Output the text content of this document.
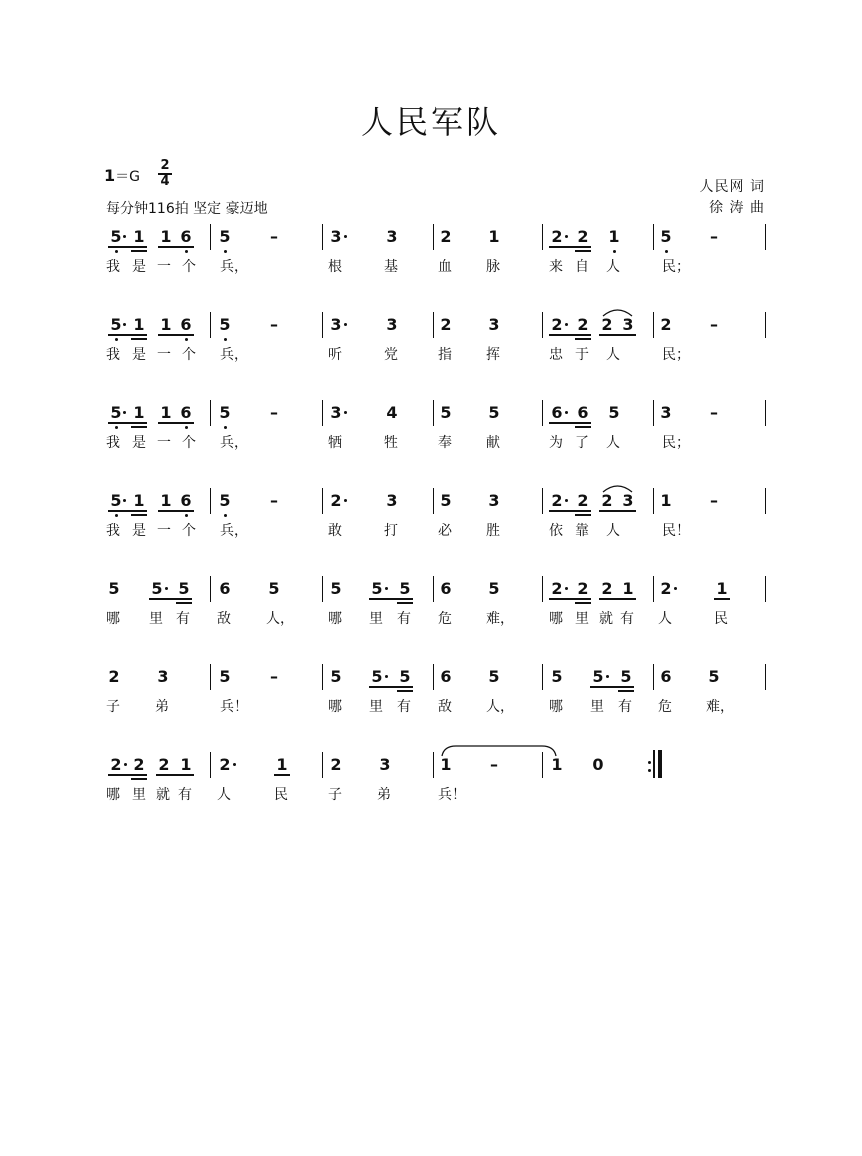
人民军队
1＝G
2
4
每分钟116拍 坚定 豪迈地
人民网 词
徐 涛 曲
5 1 1 6 5 –	3	3	2 1	2 2 1	5 –
我 是 一 个 兵，	根	基	血 脉	来 自 人	民；
5 1 1 6 5 –	3	3	2 3	2 2 2 3 2 –
我 是 一 个 兵，	听	党	指 挥	忠 于 人	民；
5 1 1 6 5 –	3	4	5 5	6 6 5	3 –
我 是 一 个 兵，	牺	牲	奉 献	为 了 人	民；
5 1 1 6 5 –	2	3	5 3	2 2 2 3 1 –
我 是 一 个 兵，	敢	打	必 胜	依 靠 人	民！
5 5 5 6 5	5 5 5 6 5	2 2 2 1 2	1
哪 里 有 敌	人， 哪 里 有 危 难，	哪 里 就 有 人	民
2 3	5 –	5 5 5 6 5	5 5 5 6 5
子	弟	兵！	哪 里 有 敌 人，	哪 里 有 危 难，
2 2 2 1 2	1	2 3	1 –	1 0
哪 里 就 有 人	民	子	弟	兵！
